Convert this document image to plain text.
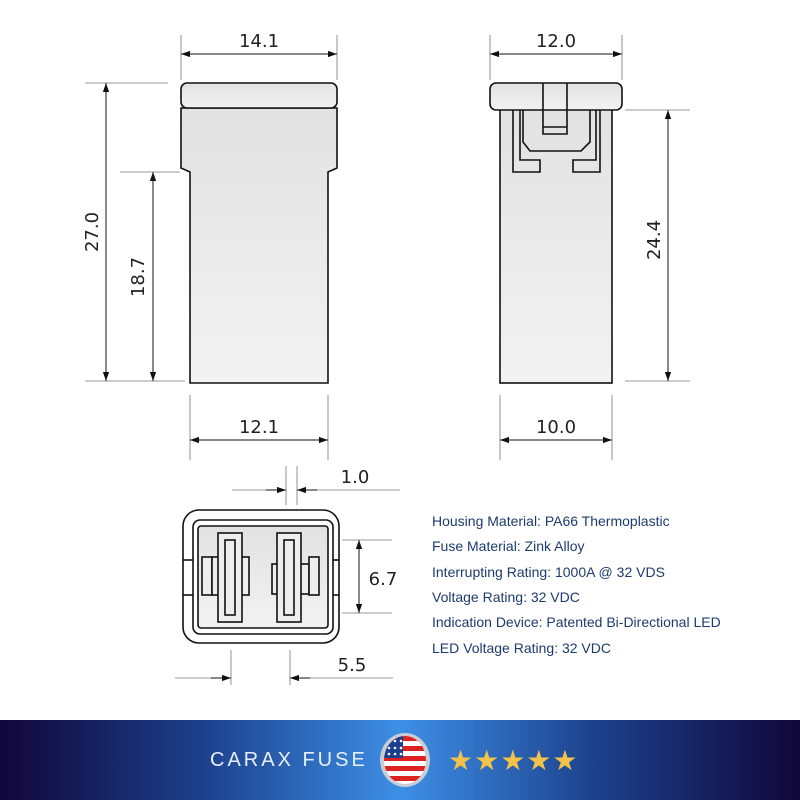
14.1
27.0
18.7
12.1
12.0
24.4
10.0
1.0
6.7
5.5
Housing Material: PA66 Thermoplastic
Fuse Material: Zink Alloy
Interrupting Rating: 1000A @ 32 VDS
Voltage Rating: 32 VDC
Indication Device: Patented Bi-Directional LED
LED Voltage Rating: 32 VDC
CARAX FUSE	★★★★★
